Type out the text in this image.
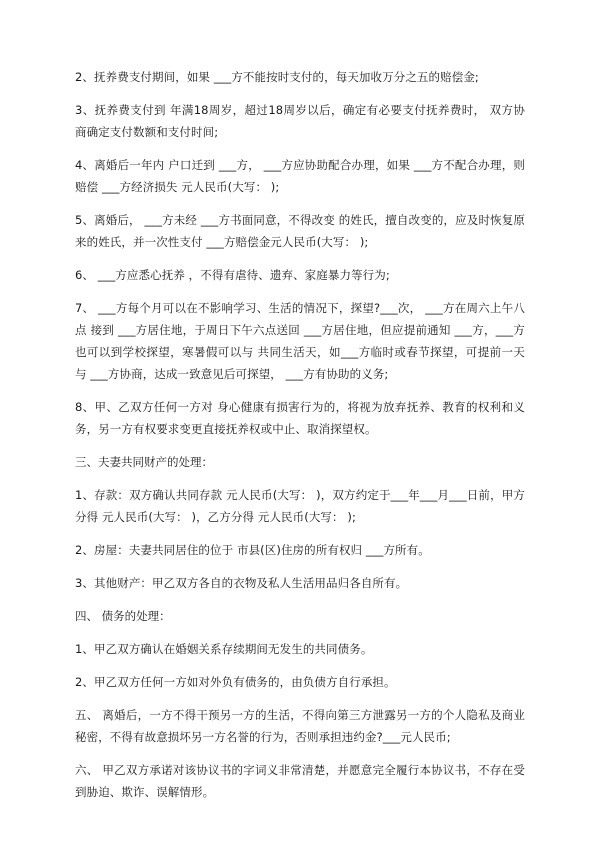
2、抚养费支付期间，如果 ___方不能按时支付的，每天加收万分之五的赔偿金;

3、抚养费支付到 年满18周岁，超过18周岁以后，确定有必要支付抚养费时， 双方协商确定支付数额和支付时间;

4、离婚后一年内 户口迁到 ___方， ___方应协助配合办理，如果 ___方不配合办理，则赔偿 ___方经济损失 元人民币(大写： );

5、离婚后， ___方未经 ___方书面同意，不得改变 的姓氏，擅自改变的，应及时恢复原来的姓氏，并一次性支付 ___方赔偿金元人民币(大写： );

6、 ___方应悉心抚养 ，不得有虐待、遗弃、家庭暴力等行为;

7、 ___方每个月可以在不影响学习、生活的情况下，探望?___次， ___方在周六上午八点 接到 ___方居住地，于周日下午六点送回 ___方居住地，但应提前通知 ___方，___方也可以到学校探望，寒暑假可以与 共同生活天，如___方临时或春节探望，可提前一天与 ___方协商，达成一致意见后可探望， ___方有协助的义务;

8、甲、乙双方任何一方对 身心健康有损害行为的，将视为放弃抚养、教育的权利和义务，另一方有权要求变更直接抚养权或中止、取消探望权。

三、夫妻共同财产的处理：

1、存款：双方确认共同存款 元人民币(大写： )，双方约定于___年___月___日前，甲方分得 元人民币(大写： )，乙方分得 元人民币(大写： );

2、房屋：夫妻共同居住的位于 市县(区)住房的所有权归 ___方所有。

3、其他财产：甲乙双方各自的衣物及私人生活用品归各自所有。

四、 债务的处理：

1、甲乙双方确认在婚姻关系存续期间无发生的共同债务。

2、甲乙双方任何一方如对外负有债务的，由负债方自行承担。

五、 离婚后，一方不得干预另一方的生活，不得向第三方泄露另一方的个人隐私及商业秘密，不得有故意损坏另一方名誉的行为，否则承担违约金?___元人民币;

六、 甲乙双方承诺对该协议书的字词义非常清楚，并愿意完全履行本协议书，不存在受到胁迫、欺诈、误解情形。
